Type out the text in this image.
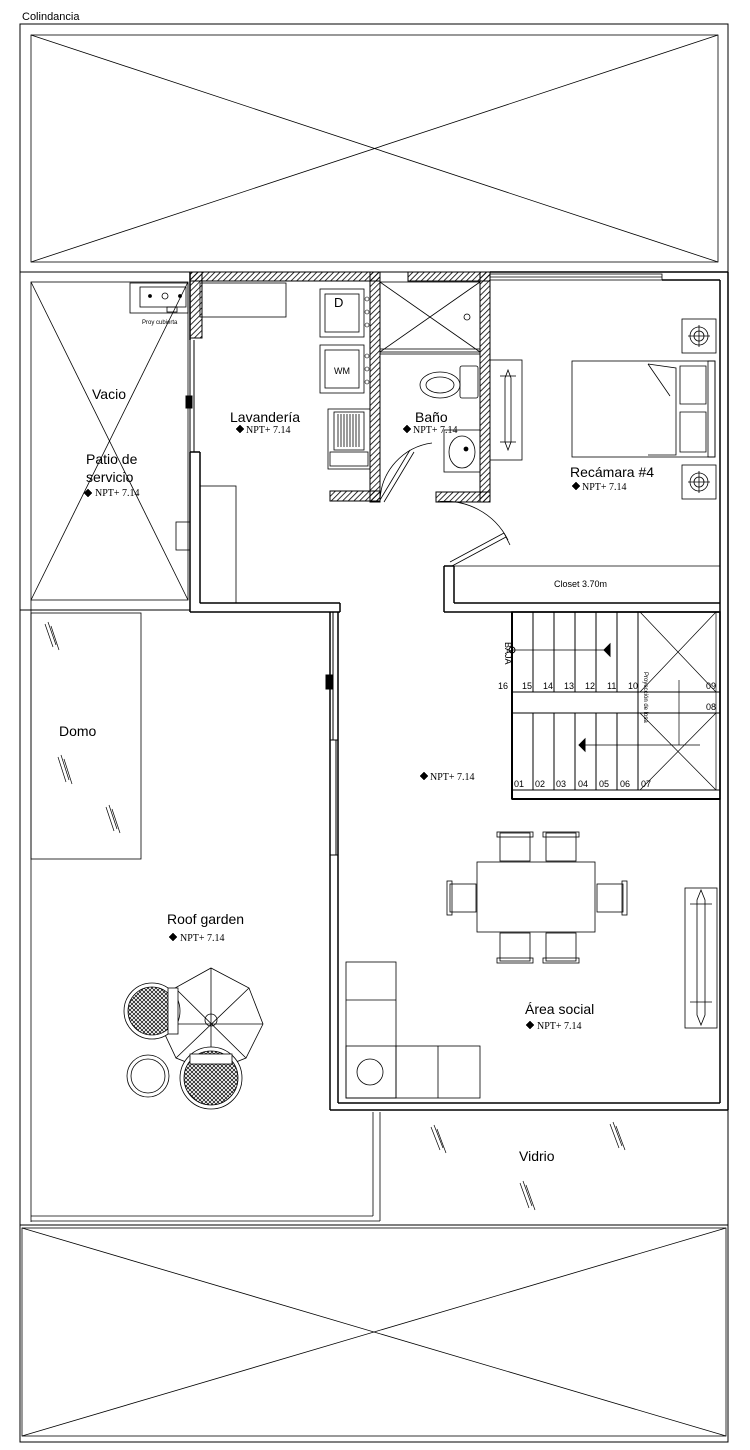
Colindancia
Proy cubierta
D
WM
BAJA
Proyección de losa
16 15 14 13 12 11 10
01 02 03 04 05 06 07
09
08
Vacio
Patio de
servicio
NPT+ 7.14
Lavandería
NPT+ 7.14
Baño
NPT+ 7.14
Recámara #4
NPT+ 7.14
Closet 3.70m
NPT+ 7.14
Domo
Roof garden
NPT+ 7.14
Área social
NPT+ 7.14
Vidrio
